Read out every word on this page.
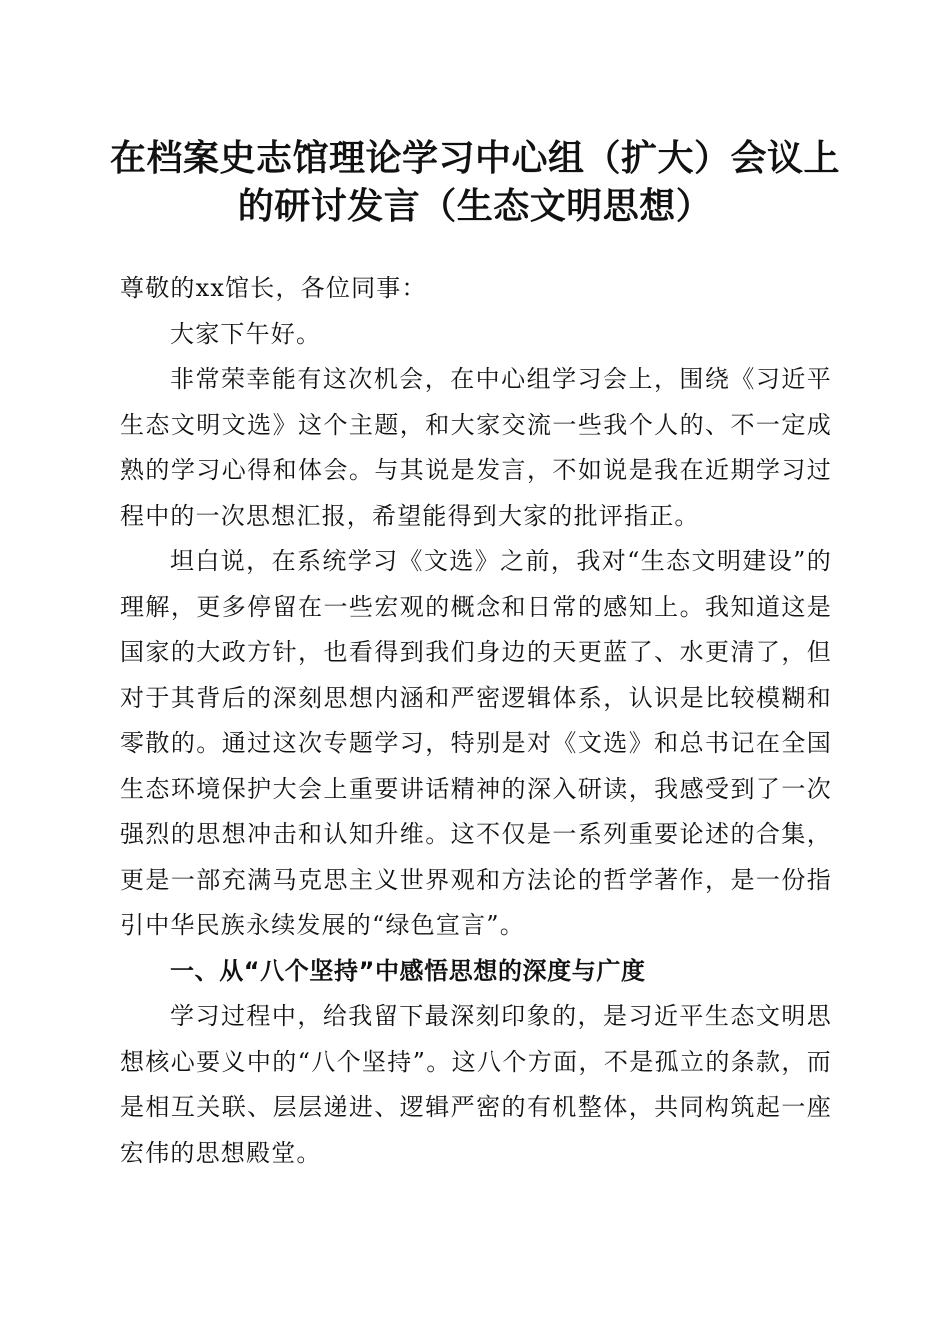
在档案史志馆理论学习中心组（扩大）会议上
的研讨发言（生态文明思想）

尊敬的xx馆长，各位同事：

大家下午好。

非常荣幸能有这次机会，在中心组学习会上，围绕《习近平生态文明文选》这个主题，和大家交流一些我个人的、不一定成熟的学习心得和体会。与其说是发言，不如说是我在近期学习过程中的一次思想汇报，希望能得到大家的批评指正。

坦白说，在系统学习《文选》之前，我对“生态文明建设”的理解，更多停留在一些宏观的概念和日常的感知上。我知道这是国家的大政方针，也看得到我们身边的天更蓝了、水更清了，但对于其背后的深刻思想内涵和严密逻辑体系，认识是比较模糊和零散的。通过这次专题学习，特别是对《文选》和总书记在全国生态环境保护大会上重要讲话精神的深入研读，我感受到了一次强烈的思想冲击和认知升维。这不仅是一系列重要论述的合集，更是一部充满马克思主义世界观和方法论的哲学著作，是一份指引中华民族永续发展的“绿色宣言”。

一、从“八个坚持”中感悟思想的深度与广度

学习过程中，给我留下最深刻印象的，是习近平生态文明思想核心要义中的“八个坚持”。这八个方面，不是孤立的条款，而是相互关联、层层递进、逻辑严密的有机整体，共同构筑起一座宏伟的思想殿堂。
